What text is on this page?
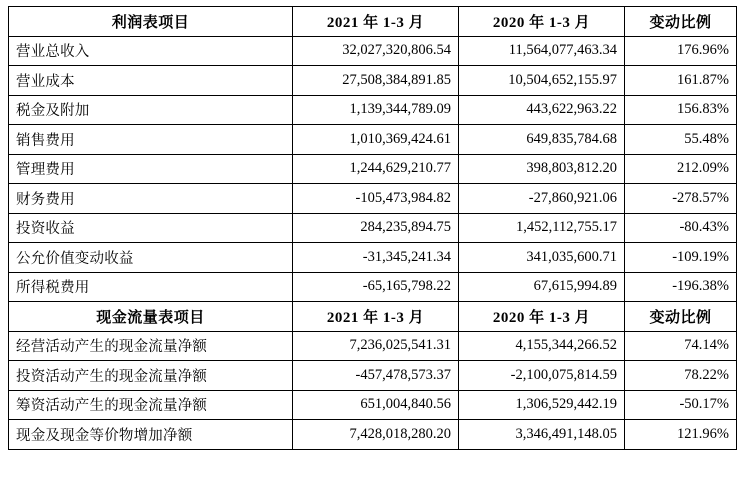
利润表项目	2021 年 1-3 月	2020 年 1-3 月	变动比例
营业总收入	32,027,320,806.54	11,564,077,463.34	176.96%
营业成本	27,508,384,891.85	10,504,652,155.97	161.87%
税金及附加	1,139,344,789.09	443,622,963.22	156.83%
销售费用	1,010,369,424.61	649,835,784.68	55.48%
管理费用	1,244,629,210.77	398,803,812.20	212.09%
财务费用	-105,473,984.82	-27,860,921.06	-278.57%
投资收益	284,235,894.75	1,452,112,755.17	-80.43%
公允价值变动收益	-31,345,241.34	341,035,600.71	-109.19%
所得税费用	-65,165,798.22	67,615,994.89	-196.38%
现金流量表项目	2021 年 1-3 月	2020 年 1-3 月	变动比例
经营活动产生的现金流量净额	7,236,025,541.31	4,155,344,266.52	74.14%
投资活动产生的现金流量净额	-457,478,573.37	-2,100,075,814.59	78.22%
筹资活动产生的现金流量净额	651,004,840.56	1,306,529,442.19	-50.17%
现金及现金等价物增加净额	7,428,018,280.20	3,346,491,148.05	121.96%
